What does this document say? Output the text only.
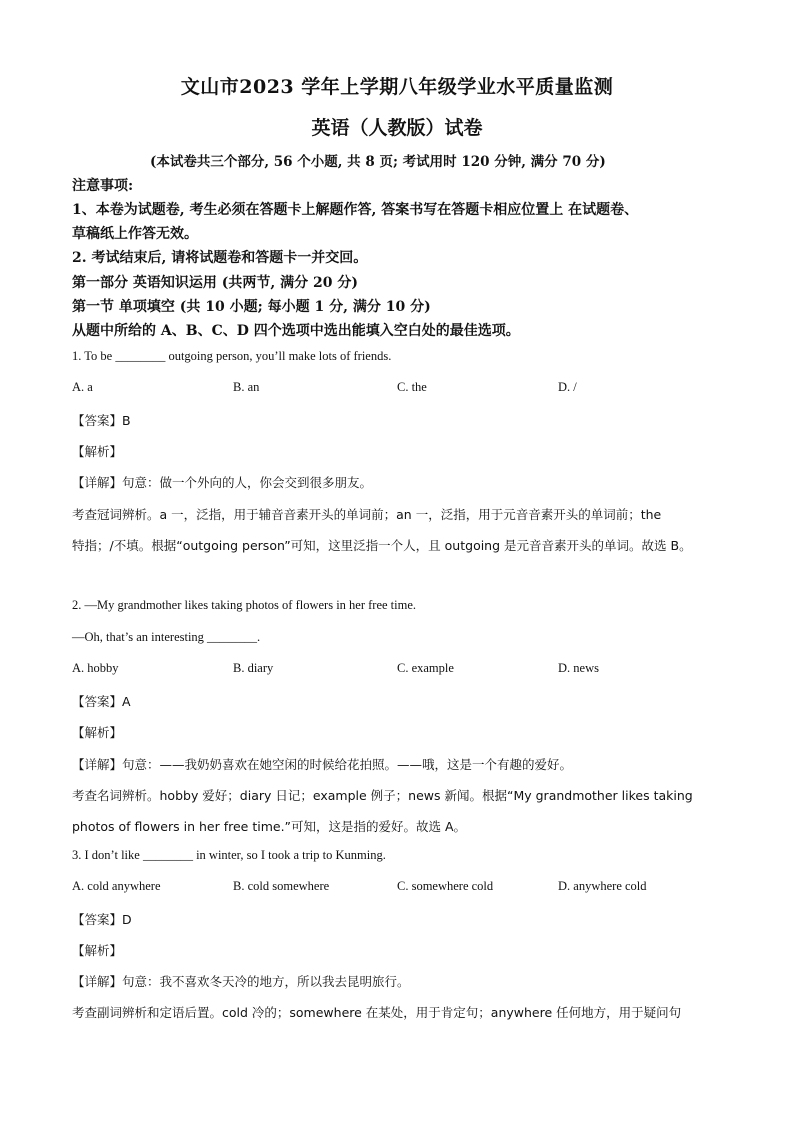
文山市2023 学年上学期八年级学业水平质量监测
英语（人教版）试卷
(本试卷共三个部分, 56 个小题, 共 8 页; 考试用时 120 分钟, 满分 70 分)
注意事项:
1、本卷为试题卷, 考生必须在答题卡上解题作答, 答案书写在答题卡相应位置上 在试题卷、
草稿纸上作答无效。
2. 考试结束后, 请将试题卷和答题卡一并交回。
第一部分 英语知识运用 (共两节, 满分 20 分)
第一节 单项填空 (共 10 小题; 每小题 1 分, 满分 10 分)
从题中所给的 A、B、C、D 四个选项中选出能填入空白处的最佳选项。
1. To be ________ outgoing person, you’ll make lots of friends.
A. a	B. an	C. the	D. /
【答案】B
【解析】
【详解】句意：做一个外向的人，你会交到很多朋友。
考查冠词辨析。a 一，泛指，用于辅音音素开头的单词前；an 一，泛指，用于元音音素开头的单词前；the
特指；/不填。根据“outgoing person”可知，这里泛指一个人，且 outgoing 是元音音素开头的单词。故选 B。
2. —My grandmother likes taking photos of flowers in her free time.
—Oh, that’s an interesting ________.
A. hobby	B. diary	C. example	D. news
【答案】A
【解析】
【详解】句意：——我奶奶喜欢在她空闲的时候给花拍照。——哦，这是一个有趣的爱好。
考查名词辨析。hobby 爱好；diary 日记；example 例子；news 新闻。根据“My grandmother likes taking
photos of flowers in her free time.”可知，这是指的爱好。故选 A。
3. I don’t like ________ in winter, so I took a trip to Kunming.
A. cold anywhere	B. cold somewhere	C. somewhere cold	D. anywhere cold
【答案】D
【解析】
【详解】句意：我不喜欢冬天冷的地方，所以我去昆明旅行。
考查副词辨析和定语后置。cold 冷的；somewhere 在某处，用于肯定句；anywhere 任何地方，用于疑问句
